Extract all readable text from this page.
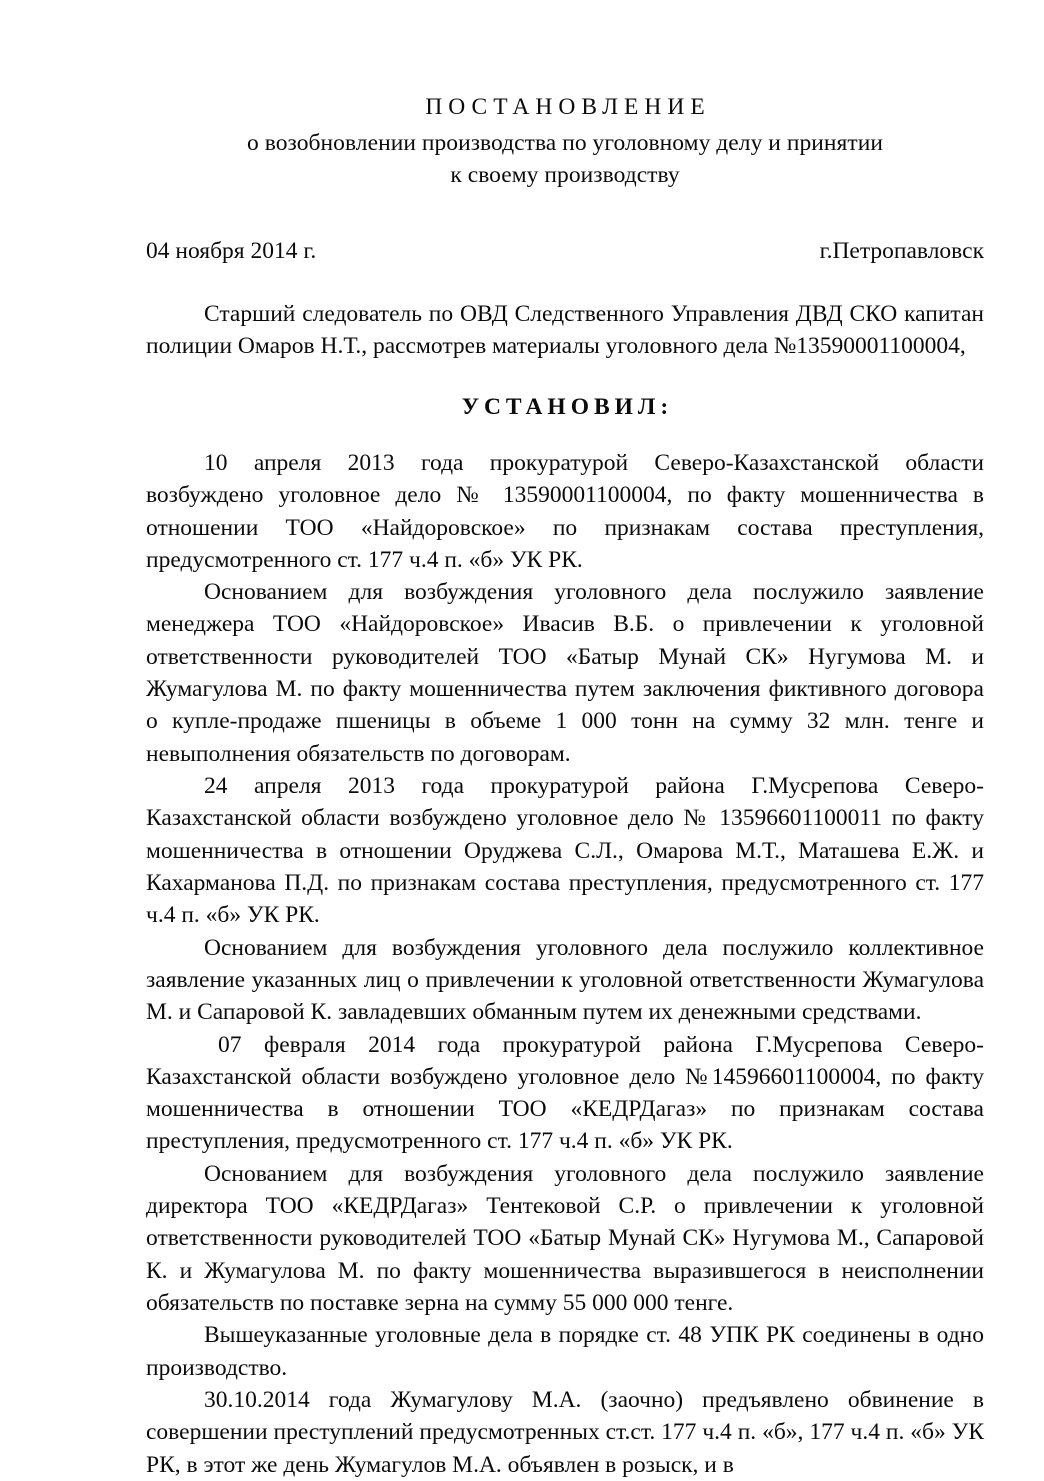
ПОСТАНОВЛЕНИЕ
о возобновлении производства по уголовному делу и принятии
к своему производству
04 ноября 2014 г.	г.Петропавловск
Старший следователь по ОВД Следственного Управления ДВД СКО капитан полиции Омаров Н.Т., рассмотрев материалы уголовного дела №13590001100004,
УСТАНОВИЛ:

10 апреля 2013 года прокуратурой Северо-Казахстанской области возбуждено уголовное дело № 13590001100004, по факту мошенничества в отношении ТОО «Найдоровское» по признакам состава преступления, предусмотренного ст. 177 ч.4 п. «б» УК РК.

Основанием для возбуждения уголовного дела послужило заявление менеджера ТОО «Найдоровское» Ивасив В.Б. о привлечении к уголовной ответственности руководителей ТОО «Батыр Мунай СК» Нугумова М. и Жумагулова М. по факту мошенничества путем заключения фиктивного договора о купле-продаже пшеницы в объеме 1 000 тонн на сумму 32 млн. тенге и невыполнения обязательств по договорам.

24 апреля 2013 года прокуратурой района Г.Мусрепова Северо-Казахстанской области возбуждено уголовное дело № 13596601100011 по факту мошенничества в отношении Оруджева С.Л., Омарова М.Т., Маташева Е.Ж. и Кахарманова П.Д. по признакам состава преступления, предусмотренного ст. 177 ч.4 п. «б» УК РК.

Основанием для возбуждения уголовного дела послужило коллективное заявление указанных лиц о привлечении к уголовной ответственности Жумагулова М. и Сапаровой К. завладевших обманным путем их денежными средствами.

07 февраля 2014 года прокуратурой района Г.Мусрепова Северо-Казахстанской области возбуждено уголовное дело №14596601100004, по факту мошенничества в отношении ТОО «КЕДРДагаз» по признакам состава преступления, предусмотренного ст. 177 ч.4 п. «б» УК РК.

Основанием для возбуждения уголовного дела послужило заявление директора ТОО «КЕДРДагаз» Тентековой С.Р. о привлечении к уголовной ответственности руководителей ТОО «Батыр Мунай СК» Нугумова М., Сапаровой К. и Жумагулова М. по факту мошенничества выразившегося в неисполнении обязательств по поставке зерна на сумму 55 000 000 тенге.

Вышеуказанные уголовные дела в порядке ст. 48 УПК РК соединены в одно производство.

30.10.2014 года Жумагулову М.А. (заочно) предъявлено обвинение в совершении преступлений предусмотренных ст.ст. 177 ч.4 п. «б», 177 ч.4 п. «б» УК РК, в этот же день Жумагулов М.А. объявлен в розыск, и в
